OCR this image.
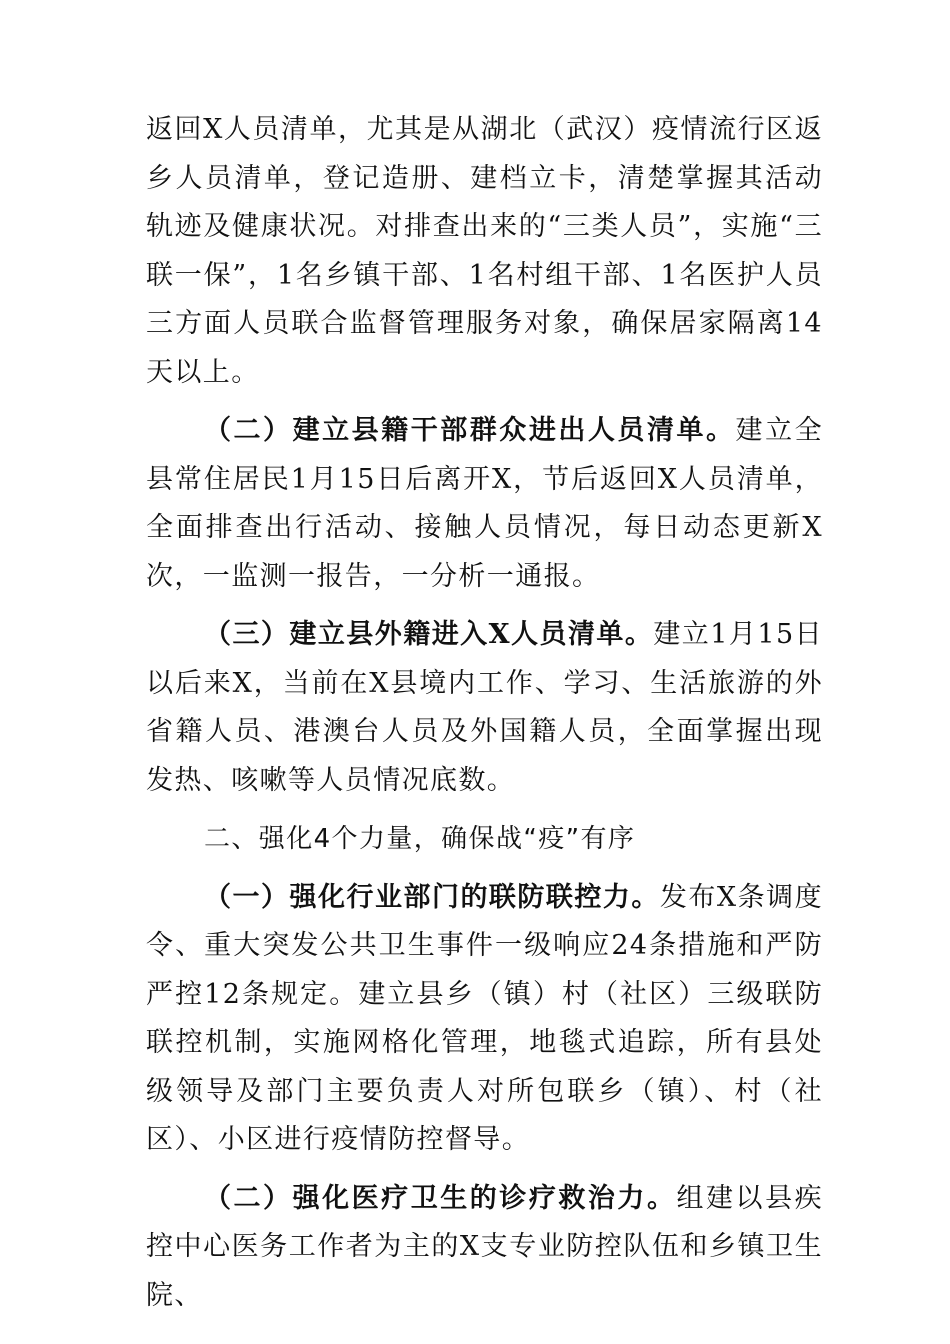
返回X人员清单，尤其是从湖北（武汉）疫情流行区返乡人员清单，登记造册、建档立卡，清楚掌握其活动轨迹及健康状况。对排查出来的“三类人员”，实施“三联一保”，1名乡镇干部、1名村组干部、1名医护人员三方面人员联合监督管理服务对象，确保居家隔离14天以上。

（二）建立县籍干部群众进出人员清单。建立全县常住居民1月15日后离开X，节后返回X人员清单，全面排查出行活动、接触人员情况，每日动态更新X次，一监测一报告，一分析一通报。

（三）建立县外籍进入X人员清单。建立1月15日以后来X，当前在X县境内工作、学习、生活旅游的外省籍人员、港澳台人员及外国籍人员，全面掌握出现发热、咳嗽等人员情况底数。

二、强化4个力量，确保战“疫”有序

（一）强化行业部门的联防联控力。发布X条调度令、重大突发公共卫生事件一级响应24条措施和严防严控12条规定。建立县乡（镇）村（社区）三级联防联控机制，实施网格化管理，地毯式追踪，所有县处级领导及部门主要负责人对所包联乡（镇）、村（社区）、小区进行疫情防控督导。

（二）强化医疗卫生的诊疗救治力。组建以县疾控中心医务工作者为主的X支专业防控队伍和乡镇卫生院、
